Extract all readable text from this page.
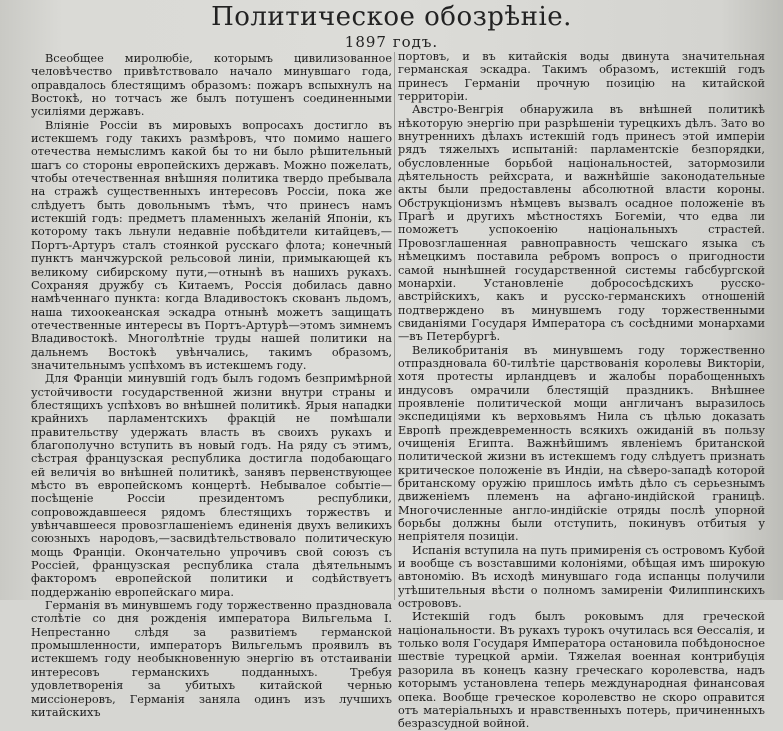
Политическое обозрѣніе.
1897 годъ.

Всеобщее миролюбіе, которымъ цивилизованное человѣчество привѣтствовало начало минувшаго года, оправдалось блестящимъ образомъ: пожаръ вспыхнулъ на Востокѣ, но тотчасъ же былъ потушенъ соединенными усиліями державъ.

Вліяніе Россіи въ мировыхъ вопросахъ достигло въ истекшемъ году такихъ размѣровъ, что помимо нашего отечества немыслимъ какой бы то ни было рѣшительный шагъ со стороны европейскихъ державъ. Можно пожелать, чтобы отечественная внѣшняя политика твердо пребывала на стражѣ существенныхъ интересовъ Россіи, пока же слѣдуетъ быть довольнымъ тѣмъ, что принесъ намъ истекшій годъ: предметъ пламенныхъ желаній Японіи, къ которому такъ льнули недавніе побѣдители китайцевъ,—Портъ-Артуръ сталъ стоянкой русскаго флота; конечный пунктъ манчжурской рельсовой линіи, примыкающей къ великому сибирскому пути,—отнынѣ въ нашихъ рукахъ. Сохраняя дружбу съ Китаемъ, Россія добилась давно намѣченнаго пункта: когда Владивостокъ скованъ льдомъ, наша тихоокеанская эскадра отнынѣ можетъ защищать отечественные интересы въ Портъ-Артурѣ—этомъ зимнемъ Владивостокѣ. Многолѣтніе труды нашей политики на дальнемъ Востокѣ увѣнчались, такимъ образомъ, значительнымъ успѣхомъ въ истекшемъ году.

Для Франціи минувшій годъ былъ годомъ безпримѣрной устойчивости государственной жизни внутри страны и блестящихъ успѣховъ во внѣшней политикѣ. Ярыя нападки крайнихъ парламентскихъ фракцій не помѣшали правительству удержать власть въ своихъ рукахъ и благополучно вступить въ новый годъ. На ряду съ этимъ, сѣстрая французская республика достигла подобающаго ей величія во внѣшней политикѣ, занявъ первенствующее мѣсто въ европейскомъ концертѣ. Небывалое событіе—посѣщеніе Россіи президентомъ республики, сопровождавшееся рядомъ блестящихъ торжествъ и увѣнчавшееся провозглашеніемъ единенія двухъ великихъ союзныхъ народовъ,—засвидѣтельствовало политическую мощь Франціи. Окончательно упрочивъ свой союзъ съ Россіей, французская республика стала дѣятельнымъ факторомъ европейской политики и содѣйствуетъ поддержанію европейскаго мира.

Германія въ минувшемъ году торжественно праздновала столѣтіе со дня рожденія императора Вильгельма I. Непрестанно слѣдя за развитіемъ германской промышленности, императоръ Вильгельмъ проявилъ въ истекшемъ году необыкновенную энергію въ отстаиваніи интересовъ германскихъ подданныхъ. Требуя удовлетворенія за убитыхъ китайской чернью миссіонеровъ, Германія заняла одинъ изъ лучшихъ китайскихъ

портовъ, и въ китайскія воды двинута значительная германская эскадра. Такимъ образомъ, истекшій годъ принесъ Германіи прочную позицію на китайской территоріи.

Австро-Венгрія обнаружила въ внѣшней политикѣ нѣкоторую энергію при разрѣшеніи турецкихъ дѣлъ. Зато во внутреннихъ дѣлахъ истекшій годъ принесъ этой имперіи рядъ тяжелыхъ испытаній: парламентскіе безпорядки, обусловленные борьбой національностей, затормозили дѣятельность рейхсрата, и важнѣйшіе законодательные акты были предоставлены абсолютной власти короны. Обструкціонизмъ нѣмцевъ вызвалъ осадное положеніе въ Прагѣ и другихъ мѣстностяхъ Богеміи, что едва ли поможетъ успокоенію національныхъ страстей. Провозглашенная равноправность чешскаго языка съ нѣмецкимъ поставила ребромъ вопросъ о пригодности самой нынѣшней государственной системы габсбургской монархіи. Установленіе добрососѣдскихъ русско-австрійскихъ, какъ и русско-германскихъ отношеній подтверждено въ минувшемъ году торжественными свиданіями Государя Императора съ сосѣдними монархами—въ Петербургѣ.

Великобританія въ минувшемъ году торжественно отпраздновала 60-тилѣтіе царствованія королевы Викторіи, хотя протесты ирландцевъ и жалобы порабощенныхъ индусовъ омрачили блестящій праздникъ. Внѣшнее проявленіе политической мощи англичанъ выразилось экспедиціями къ верховьямъ Нила съ цѣлью доказать Европѣ преждевременность всякихъ ожиданій въ пользу очищенія Египта. Важнѣйшимъ явленіемъ британской политической жизни въ истекшемъ году слѣдуетъ признать критическое положеніе въ Индіи, на сѣверо-западѣ которой британскому оружію пришлось имѣть дѣло съ серьезнымъ движеніемъ племенъ на афгано-индійской границѣ. Многочисленные англо-индійскіе отряды послѣ упорной борьбы должны были отступить, покинувъ отбитыя у непріятеля позиціи.

Испанія вступила на путь примиренія съ островомъ Кубой и вообще съ возставшими колоніями, обѣщая имъ широкую автономію. Въ исходѣ минувшаго года испанцы получили утѣшительныя вѣсти о полномъ замиреніи Филиппинскихъ острововъ.

Истекшій годъ былъ роковымъ для греческой національности. Въ рукахъ турокъ очутилась вся Ѳессалія, и только воля Государя Императора остановила побѣдоносное шествіе турецкой арміи. Тяжелая военная контрибуція разорила въ конецъ казну греческаго королевства, надъ которымъ установлена теперь международная финансовая опека. Вообще греческое королевство не скоро оправится отъ матеріальныхъ и нравственныхъ потерь, причиненныхъ безразсудной войной.
